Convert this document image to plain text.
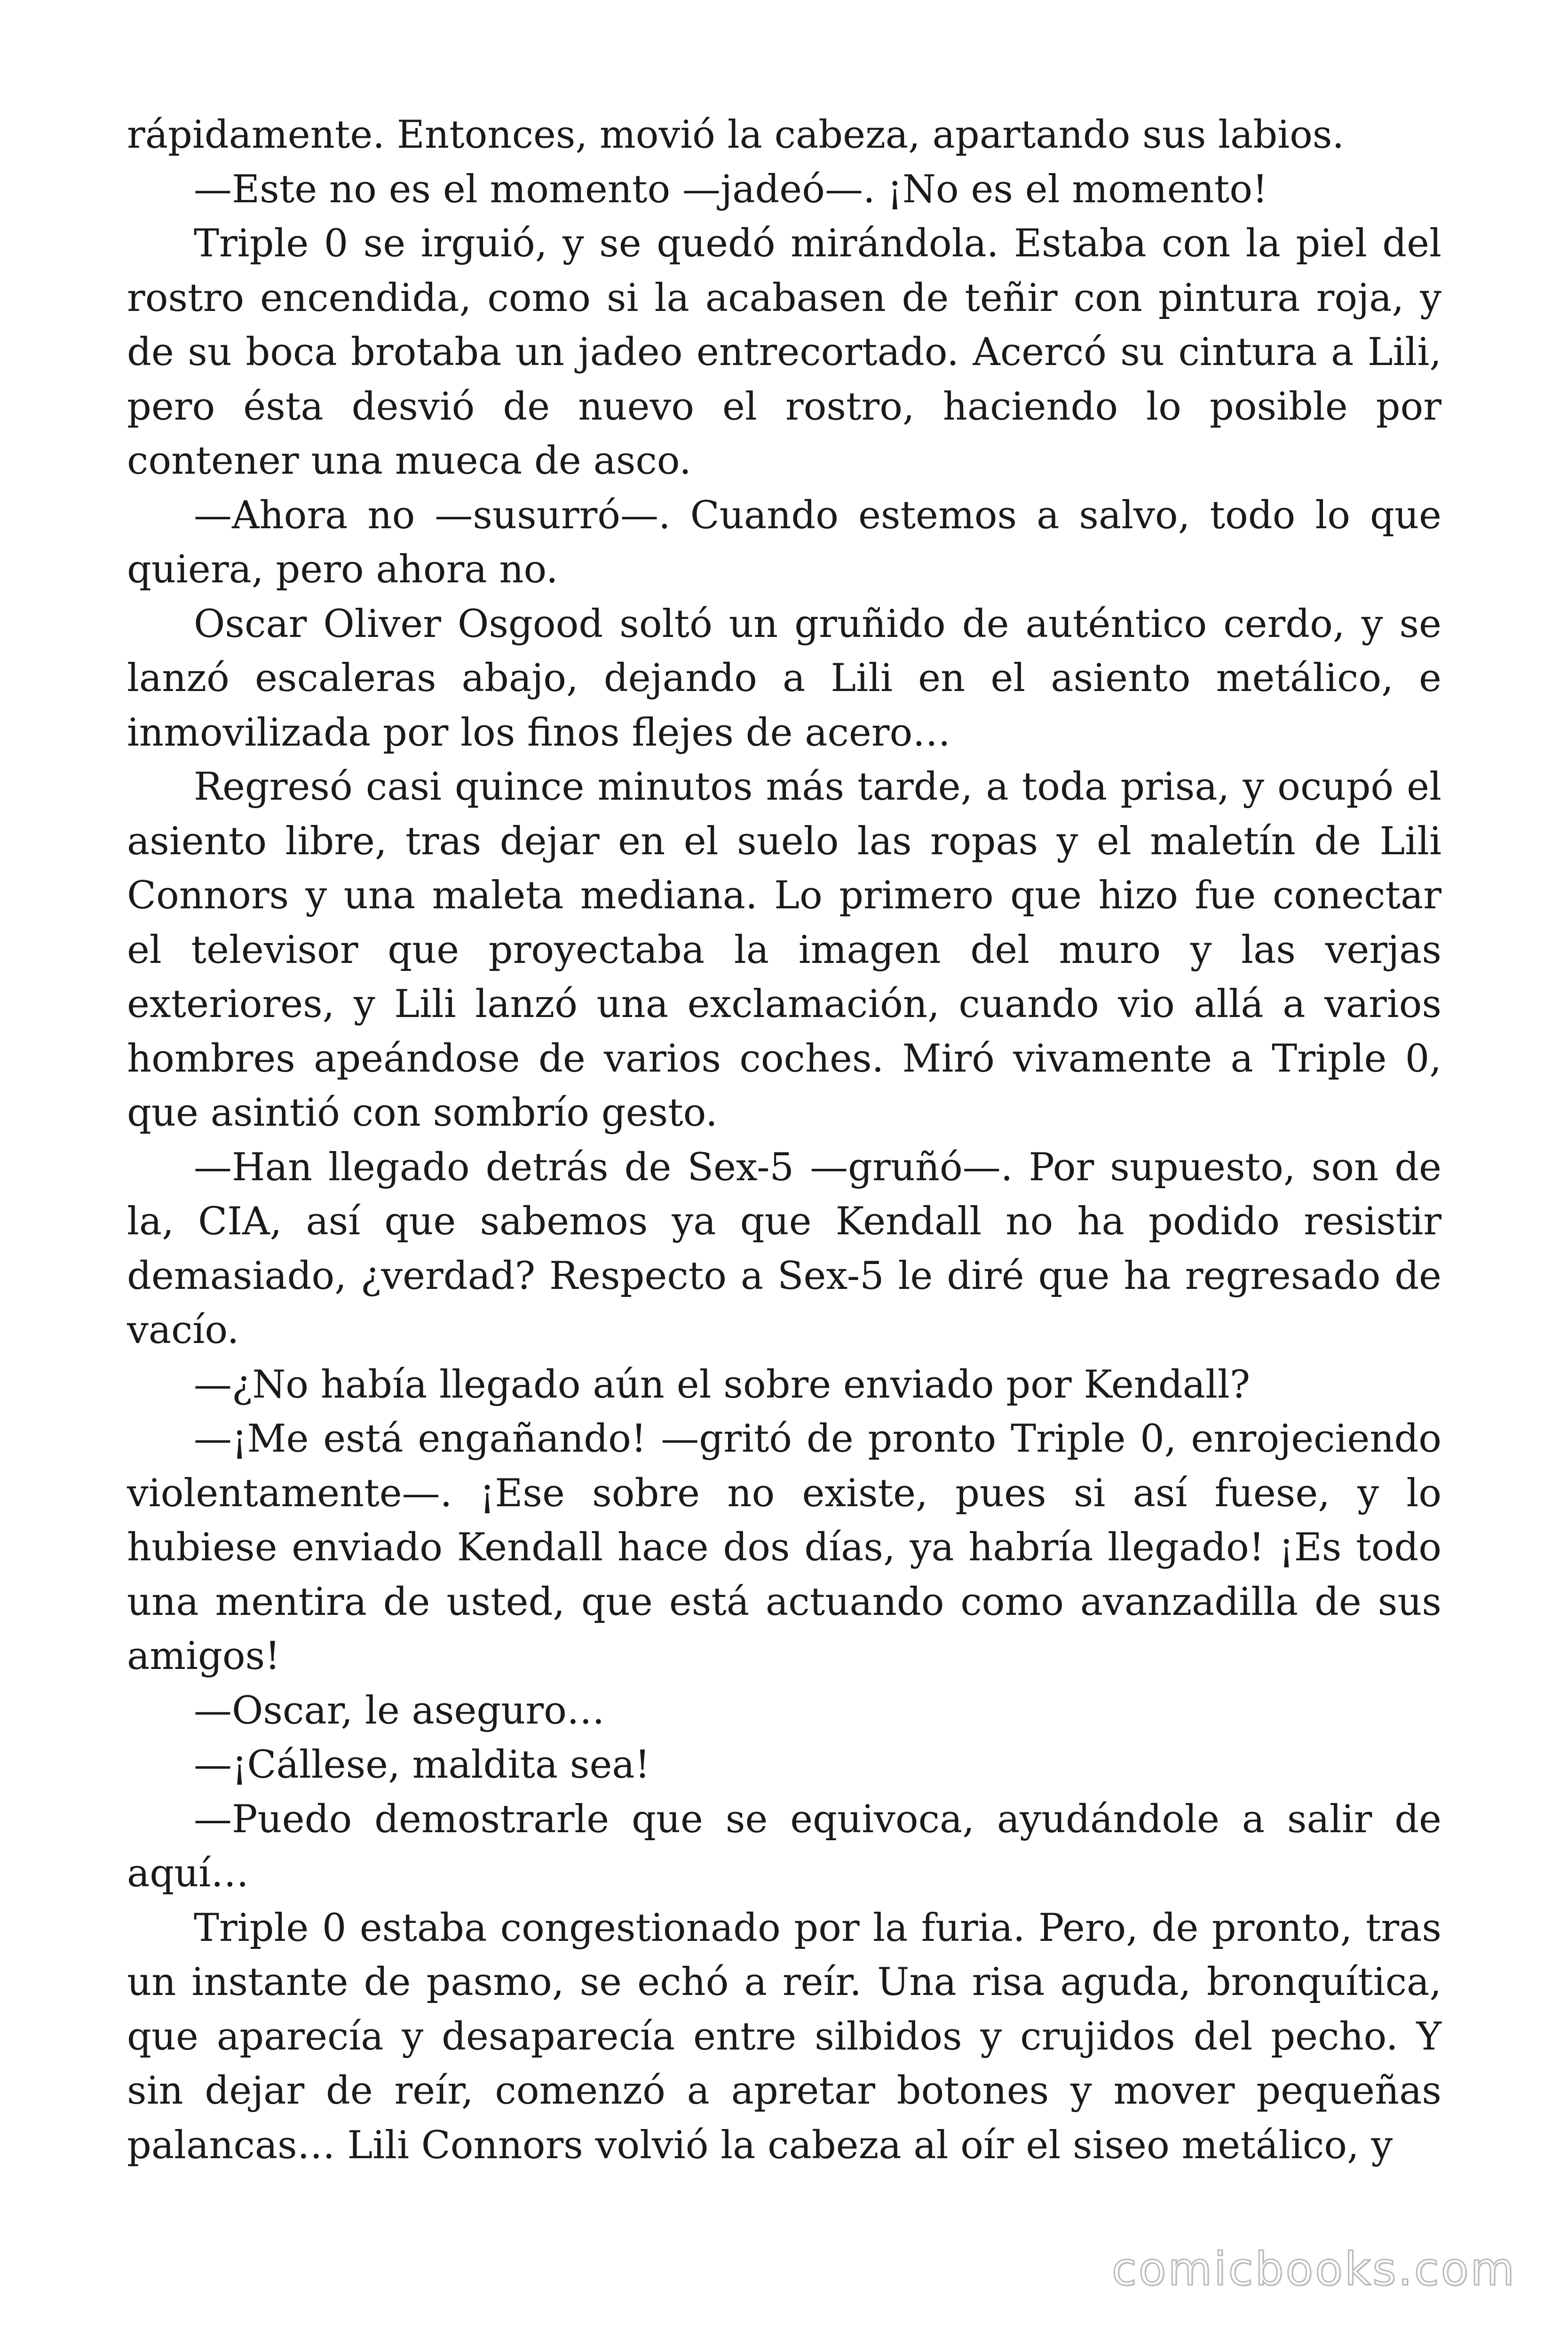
rápidamente. Entonces, movió la cabeza, apartando sus labios.

—Este no es el momento —jadeó—. ¡No es el momento!

Triple 0 se irguió, y se quedó mirándola. Estaba con la piel del rostro encendida, como si la acabasen de teñir con pintura roja, y de su boca brotaba un jadeo entrecortado. Acercó su cintura a Lili, pero ésta desvió de nuevo el rostro, haciendo lo posible por contener una mueca de asco.

—Ahora no —susurró—. Cuando estemos a salvo, todo lo que quiera, pero ahora no.

Oscar Oliver Osgood soltó un gruñido de auténtico cerdo, y se lanzó escaleras abajo, dejando a Lili en el asiento metálico, e inmovilizada por los finos flejes de acero…

Regresó casi quince minutos más tarde, a toda prisa, y ocupó el asiento libre, tras dejar en el suelo las ropas y el maletín de Lili Connors y una maleta mediana. Lo primero que hizo fue conectar el televisor que proyectaba la imagen del muro y las verjas exteriores, y Lili lanzó una exclamación, cuando vio allá a varios hombres apeándose de varios coches. Miró vivamente a Triple 0, que asintió con sombrío gesto.

—Han llegado detrás de Sex-5 —gruñó—. Por supuesto, son de la, CIA, así que sabemos ya que Kendall no ha podido resistir demasiado, ¿verdad? Respecto a Sex-5 le diré que ha regresado de vacío.

—¿No había llegado aún el sobre enviado por Kendall?

—¡Me está engañando! —gritó de pronto Triple 0, enrojeciendo violentamente—. ¡Ese sobre no existe, pues si así fuese, y lo hubiese enviado Kendall hace dos días, ya habría llegado! ¡Es todo una mentira de usted, que está actuando como avanzadilla de sus amigos!

—Oscar, le aseguro…

—¡Cállese, maldita sea!

—Puedo demostrarle que se equivoca, ayudándole a salir de aquí…

Triple 0 estaba congestionado por la furia. Pero, de pronto, tras un instante de pasmo, se echó a reír. Una risa aguda, bronquítica, que aparecía y desaparecía entre silbidos y crujidos del pecho. Y sin dejar de reír, comenzó a apretar botones y mover pequeñas palancas… Lili Connors volvió la cabeza al oír el siseo metálico, y

comicbooks.com
